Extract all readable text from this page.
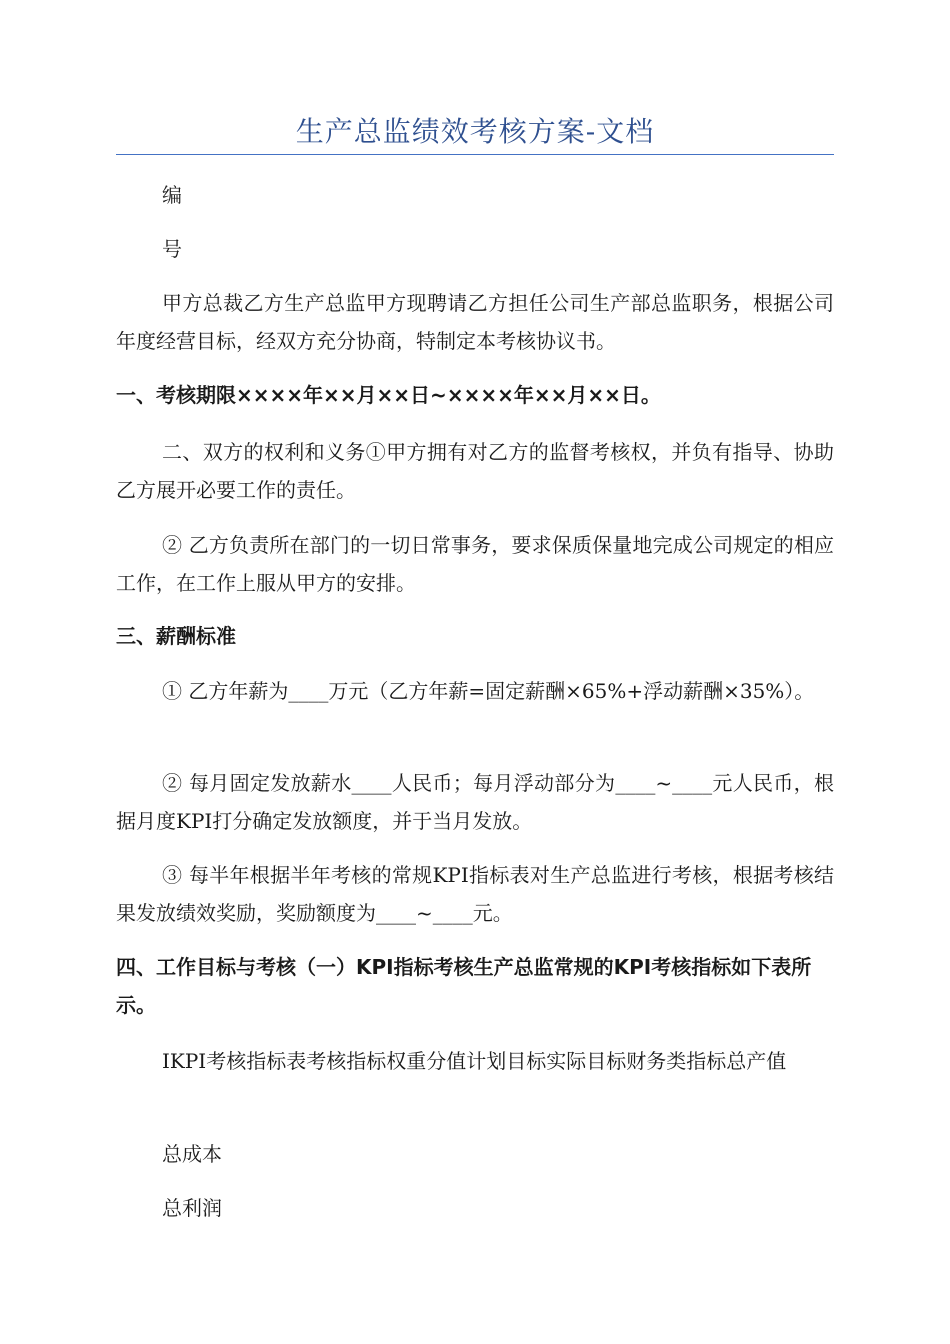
生产总监绩效考核方案-文档

编

号

甲方总裁乙方生产总监甲方现聘请乙方担任公司生产部总监职务，根据公司年度经营目标，经双方充分协商，特制定本考核协议书。

一、考核期限××××年××月××日~××××年××月××日。

二、双方的权利和义务①甲方拥有对乙方的监督考核权，并负有指导、协助乙方展开必要工作的责任。

② 乙方负责所在部门的一切日常事务，要求保质保量地完成公司规定的相应工作，在工作上服从甲方的安排。

三、薪酬标准

① 乙方年薪为____万元（乙方年薪=固定薪酬×65%+浮动薪酬×35%）。

② 每月固定发放薪水____人民币；每月浮动部分为____~____元人民币，根据月度KPI打分确定发放额度，并于当月发放。

③ 每半年根据半年考核的常规KPI指标表对生产总监进行考核，根据考核结果发放绩效奖励，奖励额度为____~____元。

四、工作目标与考核（一）KPI指标考核生产总监常规的KPI考核指标如下表所示。

IKPI考核指标表考核指标权重分值计划目标实际目标财务类指标总产值

总成本

总利润
